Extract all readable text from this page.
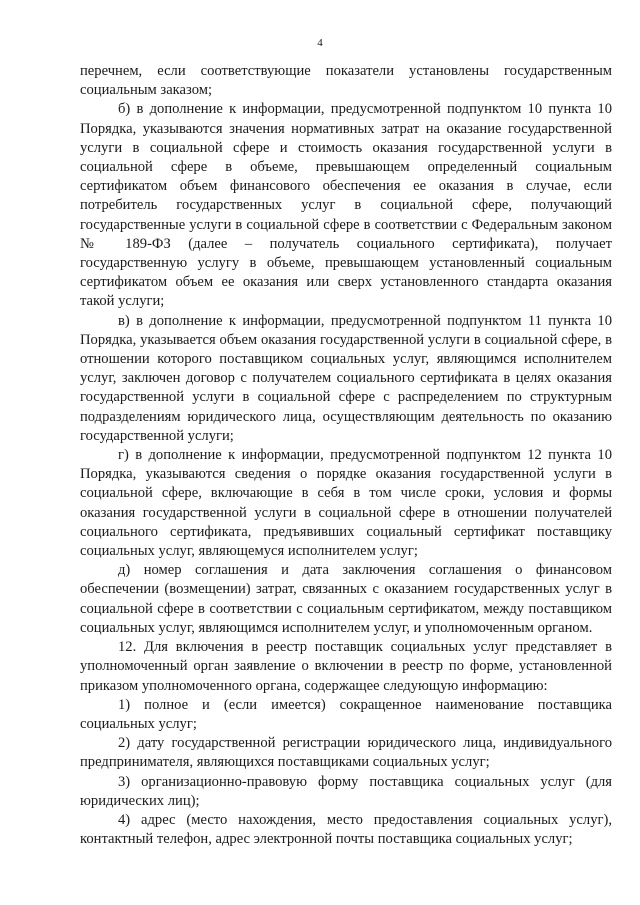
4

перечнем, если соответствующие показатели установлены государственным социальным заказом;

б) в дополнение к информации, предусмотренной подпунктом 10 пункта 10 Порядка, указываются значения нормативных затрат на оказание государственной услуги в социальной сфере и стоимость оказания государственной услуги в социальной сфере в объеме, превышающем определенный социальным сертификатом объем финансового обеспечения ее оказания в случае, если потребитель государственных услуг в социальной сфере, получающий государственные услуги в социальной сфере в соответствии с Федеральным законом № 189-ФЗ (далее – получатель социального сертификата), получает государственную услугу в объеме, превышающем установленный социальным сертификатом объем ее оказания или сверх установленного стандарта оказания такой услуги;

в) в дополнение к информации, предусмотренной подпунктом 11 пункта 10 Порядка, указывается объем оказания государственной услуги в социальной сфере, в отношении которого поставщиком социальных услуг, являющимся исполнителем услуг, заключен договор с получателем социального сертификата в целях оказания государственной услуги в социальной сфере с распределением по структурным подразделениям юридического лица, осуществляющим деятельность по оказанию государственной услуги;

г) в дополнение к информации, предусмотренной подпунктом 12 пункта 10 Порядка, указываются сведения о порядке оказания государственной услуги в социальной сфере, включающие в себя в том числе сроки, условия и формы оказания государственной услуги в социальной сфере в отношении получателей социального сертификата, предъявивших социальный сертификат поставщику социальных услуг, являющемуся исполнителем услуг;

д) номер соглашения и дата заключения соглашения о финансовом обеспечении (возмещении) затрат, связанных с оказанием государственных услуг в социальной сфере в соответствии с социальным сертификатом, между поставщиком социальных услуг, являющимся исполнителем услуг, и уполномоченным органом.

12. Для включения в реестр поставщик социальных услуг представляет в уполномоченный орган заявление о включении в реестр по форме, установленной приказом уполномоченного органа, содержащее следующую информацию:

1) полное и (если имеется) сокращенное наименование поставщика социальных услуг;

2) дату государственной регистрации юридического лица, индивидуального предпринимателя, являющихся поставщиками социальных услуг;

3) организационно-правовую форму поставщика социальных услуг (для юридических лиц);

4) адрес (место нахождения, место предоставления социальных услуг), контактный телефон, адрес электронной почты поставщика социальных услуг;
